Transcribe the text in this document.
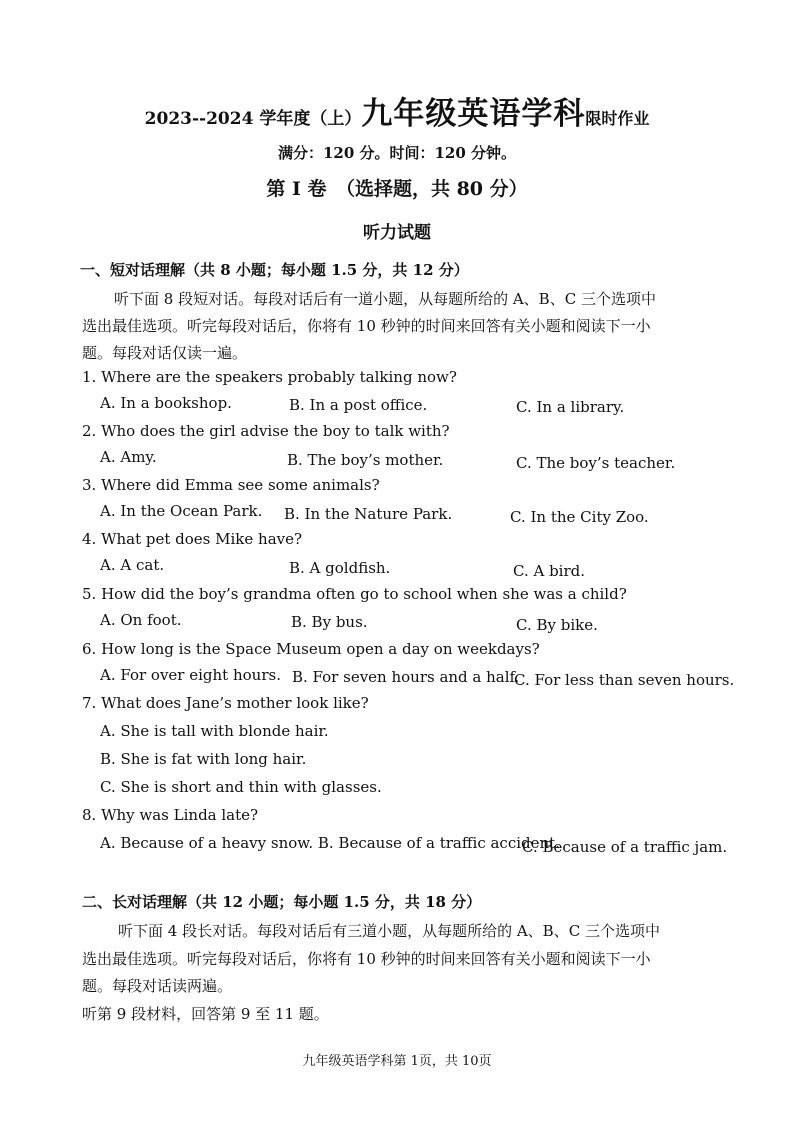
2023--2024 学年度（上）九年级英语学科限时作业
满分：120 分。时间：120 分钟。
第 I 卷　（选择题，共 80 分）
听力试题
一、短对话理解（共 8 小题；每小题 1.5 分，共 12 分）
听下面 8 段短对话。每段对话后有一道小题，从每题所给的 A、B、C 三个选项中
选出最佳选项。听完每段对话后，你将有 10 秒钟的时间来回答有关小题和阅读下一小
题。每段对话仅读一遍。
1. Where are the speakers probably talking now?
A. In a bookshop.	B. In a post office.	C. In a library.
2. Who does the girl advise the boy to talk with?
A. Amy.	B. The boy’s mother.	C. The boy’s teacher.
3. Where did Emma see some animals?
A. In the Ocean Park. B. In the Nature Park.	C. In the City Zoo.
4. What pet does Mike have?
A. A cat.	B. A goldfish.	C. A bird.
5. How did the boy’s grandma often go to school when she was a child?
A. On foot.	B. By bus.	C. By bike.
6. How long is the Space Museum open a day on weekdays?
A. For over eight hours. B. For seven hours and a half.
C. For less than seven hours.
7. What does Jane’s mother look like?
A. She is tall with blonde hair.
B. She is fat with long hair.
C. She is short and thin with glasses.
8. Why was Linda late?
A. Because of a heavy snow. B. Because of a traffic accident.
C. Because of a traffic jam.
二、长对话理解（共 12 小题；每小题 1.5 分，共 18 分）
听下面 4 段长对话。每段对话后有三道小题，从每题所给的 A、B、C 三个选项中
选出最佳选项。听完每段对话后，你将有 10 秒钟的时间来回答有关小题和阅读下一小
题。每段对话读两遍。
听第 9 段材料，回答第 9 至 11 题。
九年级英语学科第 1页，共 10页
